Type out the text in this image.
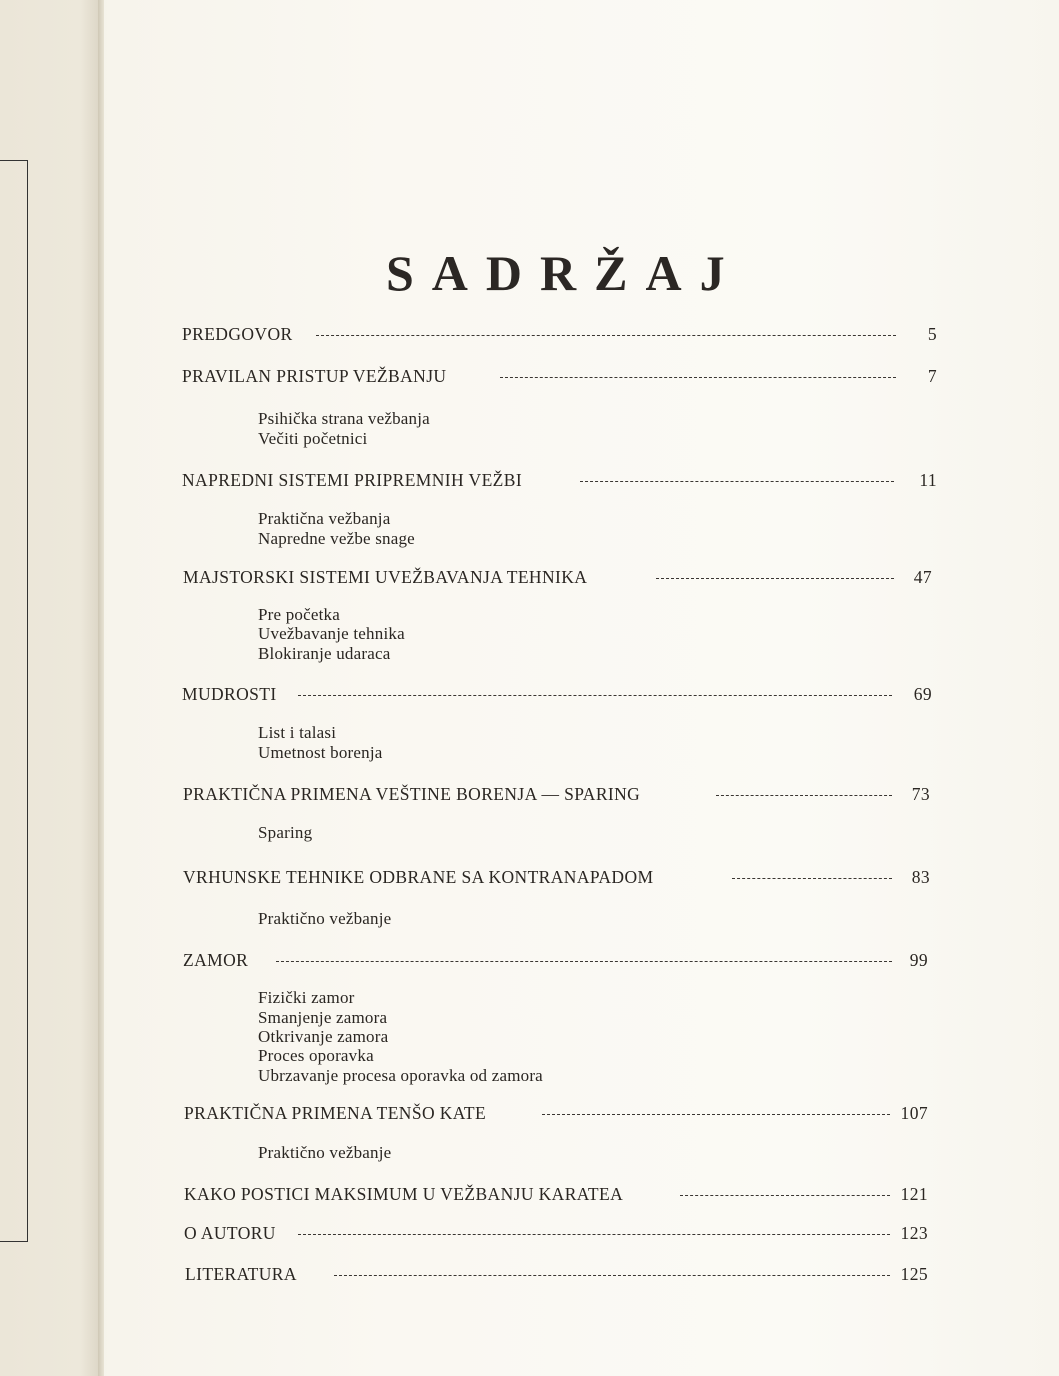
SADRŽAJ
PREDGOVOR	5
PRAVILAN PRISTUP VEŽBANJU	7
Psihička strana vežbanja
Večiti početnici
NAPREDNI SISTEMI PRIPREMNIH VEŽBI	11
Praktična vežbanja
Napredne vežbe snage
MAJSTORSKI SISTEMI UVEŽBAVANJA TEHNIKA	47
Pre početka
Uvežbavanje tehnika
Blokiranje udaraca
MUDROSTI	69
List i talasi
Umetnost borenja
PRAKTIČNA PRIMENA VEŠTINE BORENJA — SPARING	73
Sparing
VRHUNSKE TEHNIKE ODBRANE SA KONTRANAPADOM	83
Praktično vežbanje
ZAMOR	99
Fizički zamor
Smanjenje zamora
Otkrivanje zamora
Proces oporavka
Ubrzavanje procesa oporavka od zamora
PRAKTIČNA PRIMENA TENŠO KATE	107
Praktično vežbanje
KAKO POSTICI MAKSIMUM U VEŽBANJU KARATEA	121
O AUTORU	123
LITERATURA	125
